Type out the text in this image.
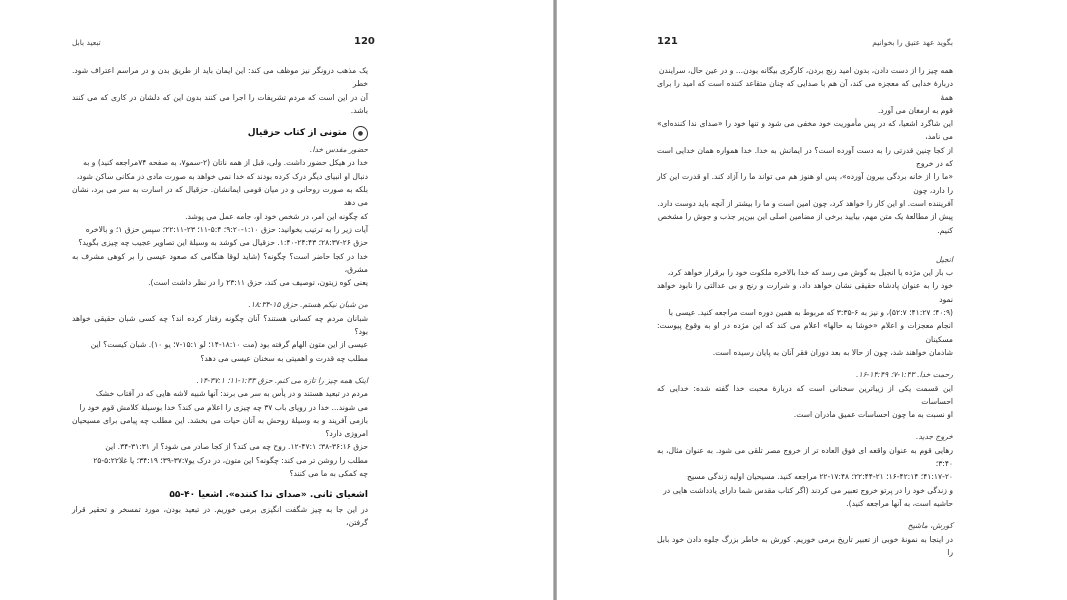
120
تبعید بابل

یک مذهب درونگر نیز موظف می کند: این ایمان باید از طریق بدن و در مراسم اعتراف شود. خطر

آن در این است که مردم تشریفات را اجرا می کنند بدون این که دلشان در کاری که می کنند باشد.

●
متونی از کتاب حزقیال

حضور مقدس خدا.

خدا در هیکل حضور داشت. ولی، قبل از همه ناتان (۲-سمو۷، به صفحه ۷۴مراجعه کنید) و به

دنبال او انبیای دیگر درک کرده بودند که خدا نمی خواهد به صورت مادی در مکانی ساکن شود،

بلکه به صورت روحانی و در میان قومی ایمانشان. حزقیال که در اسارت به سر می برد، نشان می دهد

که چگونه این امر، در شخص خود او، جامه عمل می پوشد.

آیات زیر را به ترتیب بخوانید: حزق ۱:۱۰-۹:۲۰؛ ۵:۴-۱۱؛ ۲۳-۲۲:۱۱؛ سپس حزق ۱؛ و بالاخره

حزق ۲۶-۲۸:۳۷؛ ۲۴:۴۳-۱:۴۰. حزقیال می کوشد به وسیلهٔ این تصاویر عجیب چه چیزی بگوید؟

خدا در کجا حاضر است؟ چگونه؟ (شاید لوقا هنگامی که صعود عیسی را بر کوهی مشرف به مشرق،

یعنی کوه زیتون، توصیف می کند، حزق ۲۳:۱۱ را در نظر داشت است).

من شبان نیکم هستم. حزق ۱۵-۱۸:۳۴.

شبانان مردم چه کسانی هستند؟ آنان چگونه رفتار کرده اند؟ چه کسی شبان حقیقی خواهد بود؟

عیسی از این متون الهام گرفته بود (مت ۱۸:۱۰-۱۴؛ لو ۱۵:۱-۷؛ یو ۱۰). شبان کیست؟ این

مطلب چه قدرت و اهمیتی به سخنان عیسی می دهد؟

اینک همه چیز را تازه می کنم. حزق ۱:۳۳-۱۱؛ ۳۷:۱-۱۴.

مردم در تبعید هستند و در یأس به سر می برند: آنها شبیه لاشه هایی که در آفتاب خشک

می شوند... خدا در رویای باب ۳۷ چه چیزی را اعلام می کند؟ خدا بوسیلهٔ کلامش قوم خود را

بازمی آفریند و به وسیلهٔ روحش به آنان حیات می بخشد. این مطلب چه پیامی برای مسیحیان امروزی دارد؟

حزق ۳۶:۱۶-۳۸؛ ۴۷:۱-۱۲. روح چه می کند؟ از کجا صادر می شود؟ ار ۳۱:۳۱-۳۴. این

مطلب را روشن تر می کند: چگونه؟ این متون، در درک یو۳۷:۷-۳۹؛ ۳۴:۱۹؛ یا غلا۵:۲۲-۲۵

چه کمکی به ما می کنند؟

اشعیای ثانی. «صدای ندا کننده». اشعیا ۴۰-۵۵

در این جا به چیز شگفت انگیزی برمی خوریم. در تبعید بودن، مورد تمسخر و تحقیر قرار گرفتن،

121	بگوید عهد عتیق را بخوانیم

همه چیز را از دست دادن، بدون امید رنج بردن، کارگری بیگانه بودن... و در عین حال، سرایندن

دربارهٔ خدایی که معجزه می کند، آن هم با صدایی که چنان متقاعد کننده است که امید را برای همهٔ

قوم به ارمغان می آورد.

این شاگرد اشعیا، که در پس مأموریت خود مخفی می شود و تنها خود را «صدای ندا کننده‌ای» می نامد،

از کجا چنین قدرتی را به دست آورده است؟ در ایمانش به خدا. خدا همواره همان خدایی است که در خروج

«ما را از خانه بردگی بیرون آورده»، پس او هنوز هم می تواند ما را آزاد کند. او قدرت این کار را دارد، چون

آفریننده است. او این کار را خواهد کرد، چون امین است و ما را بیشتر از آنچه باید دوست دارد.

پیش از مطالعهٔ یک متن مهم، بیایید برخی از مضامین اصلی این بین‌پر جذب و جوش را مشخص

کنیم.

انجیل

ب بار این مژده یا انجیل به گوش می رسد که خدا بالاخره ملکوت خود را برقرار خواهد کرد،

خود را به عنوان پادشاه حقیقی نشان خواهد داد، و شرارت و رنج و بی عدالتی را نابود خواهد نمود

(۴۰:۹؛ ۴۱:۲۷؛ ۵۲:۷)، و نیز به ۶-۳:۳۵ که مربوط به همین دوره است مراجعه کنید. عیسی با

انجام معجزات و اعلام «خوشا به حالها» اعلام می کند که این مژده در او به وقوع پیوست: مسکینان

شادمان خواهند شد، چون از حالا به بعد دوران فقر آنان به پایان رسیده است.

رحمت خدا. ۱:۴۳-۷؛ ۱۴:۴۹-۱۶.

این قسمت یکی از زیباترین سخنانی است که دربارهٔ محبت خدا گفته شده: خدایی که احساسات

او نسبت به ما چون احساسات عمیق مادران است.

خروج جدید.

رهایی قوم به عنوان واقعه ای فوق العاده تر از خروج مصر تلقی می شود. به عنوان مثال، به ۳:۴۰؛

۴۱:۱۷-۲۰؛ ۴۲:۱۴-۱۶؛ ۲۱-۲۲:۴۴؛ ۱۷:۴۸-۲۲ مراجعه کنید. مسیحیان اولیه زندگی مسیح

و زندگی خود را در پرتو خروج تعبیر می کردند (اگر کتاب مقدس شما دارای یادداشت هایی در

حاشیه است، به آنها مراجعه کنید).

کورش، ماشیح

در اینجا به نمونهٔ خوبی از تعبیر تاریخ برمی خوریم. کورش به خاطر بزرگ جلوه دادن خود بابل را
